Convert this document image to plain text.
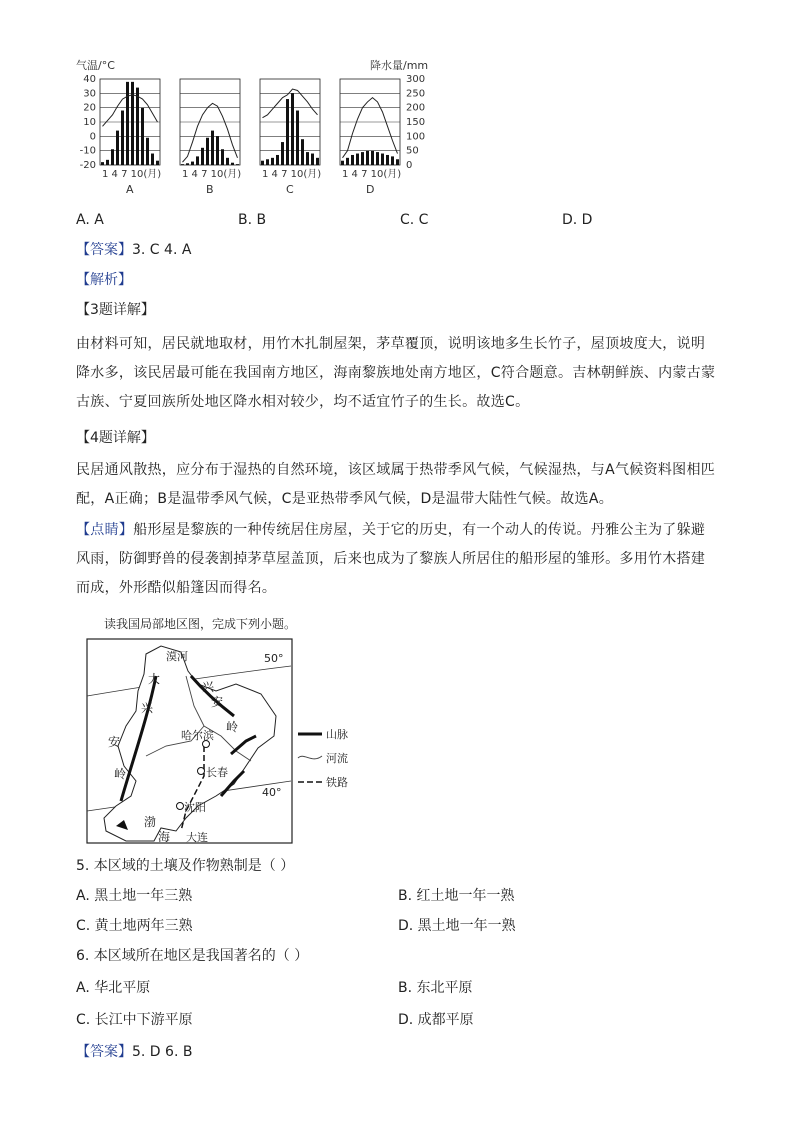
气温/°C	降水量/mm
40
30
20
10
0
-10
-20
300
250
200
150
100
50
0
1 4 7 10(月)
A
1 4 7 10(月)
B
1 4 7 10(月)
C
1 4 7 10(月)
D
A. A	B. B	C. C	D. D
【答案】3. C 4. A
【解析】
【3题详解】
由材料可知，居民就地取材，用竹木扎制屋架，茅草覆顶，说明该地多生长竹子，屋顶坡度大，说明降水多，该民居最可能在我国南方地区，海南黎族地处南方地区，C符合题意。吉林朝鲜族、内蒙古蒙古族、宁夏回族所处地区降水相对较少，均不适宜竹子的生长。故选C。
【4题详解】
民居通风散热，应分布于湿热的自然环境，该区域属于热带季风气候，气候湿热，与A气候资料图相匹配，A正确；B是温带季风气候，C是亚热带季风气候，D是温带大陆性气候。故选A。
【点睛】船形屋是黎族的一种传统居住房屋，关于它的历史，有一个动人的传说。丹雅公主为了躲避风雨，防御野兽的侵袭割掉茅草屋盖顶，后来也成为了黎族人所居住的船形屋的雏形。多用竹木搭建而成，外形酷似船篷因而得名。
读我国局部地区图，完成下列小题。
50°
40°
漠河
哈尔滨
长春
沈阳
大连
大
兴
安
岭
兴
安
岭
渤
海
山脉
河流
铁路
5. 本区域的土壤及作物熟制是（ ）
A. 黑土地一年三熟	B. 红土地一年一熟
C. 黄土地两年三熟	D. 黑土地一年一熟
6. 本区域所在地区是我国著名的（ ）
A. 华北平原	B. 东北平原
C. 长江中下游平原	D. 成都平原
【答案】5. D 6. B
